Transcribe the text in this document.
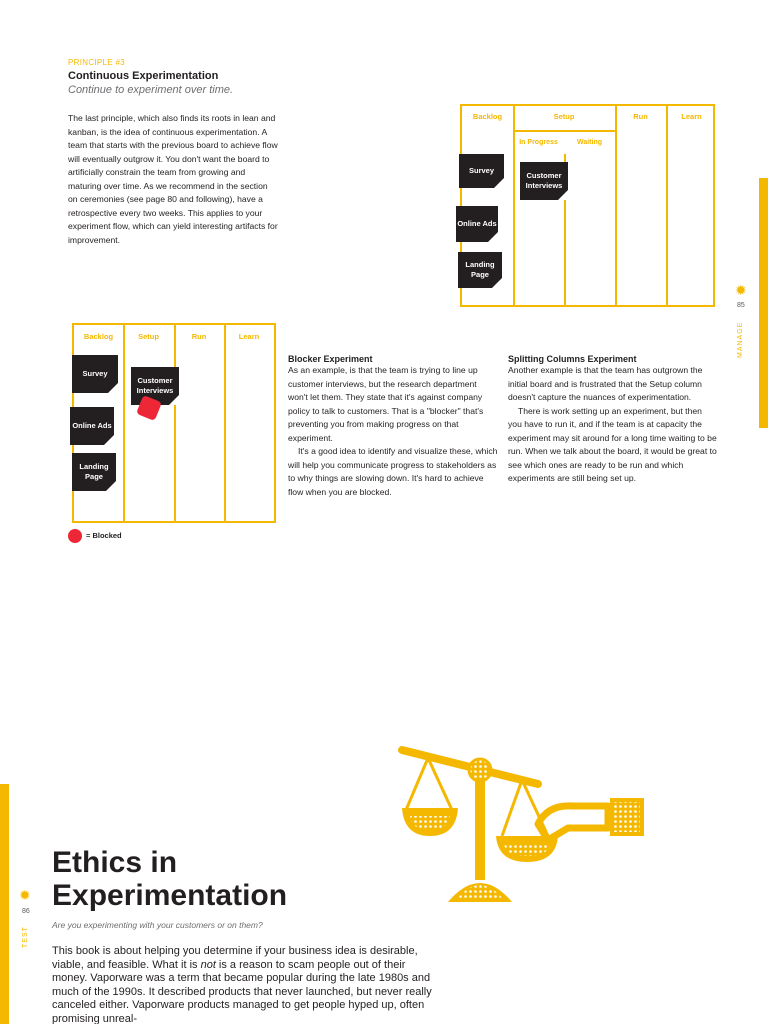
PRINCIPLE #3
Continuous Experimentation
Continue to experiment over time.
The last principle, which also finds its roots in lean and kanban, is the idea of continuous experimentation. A team that starts with the previous board to achieve flow will eventually outgrow it. You don't want the board to artificially constrain the team from growing and maturing over time. As we recommend in the section on ceremonies (see page 80 and following), have a retrospective every two weeks. This applies to your experiment flow, which can yield interesting artifacts for improvement.
Backlog	Setup	Run	Learn
In Progress	Waiting
Survey
Online Ads
Landing Page
Customer Interviews
✹
85
MANAGE
Backlog	Setup	Run	Learn
Survey
Online Ads
Landing Page
Customer Interviews
= Blocked
Blocker Experiment
As an example, is that the team is trying to line up customer interviews, but the research department won't let them. They state that it's against company policy to talk to customers. That is a "blocker" that's preventing you from making progress on that experiment.
It's a good idea to identify and visualize these, which will help you communicate progress to stakeholders as to why things are slowing down. It's hard to achieve flow when you are blocked.
Splitting Columns Experiment
Another example is that the team has outgrown the initial board and is frustrated that the Setup column doesn't capture the nuances of experimentation.
There is work setting up an experiment, but then you have to run it, and if the team is at capacity the experiment may sit around for a long time waiting to be run. When we talk about the board, it would be great to see which ones are ready to be run and which experiments are still being set up.
Ethics in Experimentation
✹
86
TEST
Are you experimenting with your customers or on them?
This book is about helping you determine if your business idea is desirable, viable, and feasible. What it is not is a reason to scam people out of their money. Vaporware was a term that became popular during the late 1980s and much of the 1990s. It described products that never launched, but never really canceled either. Vaporware products managed to get people hyped up, often promising unreal-
